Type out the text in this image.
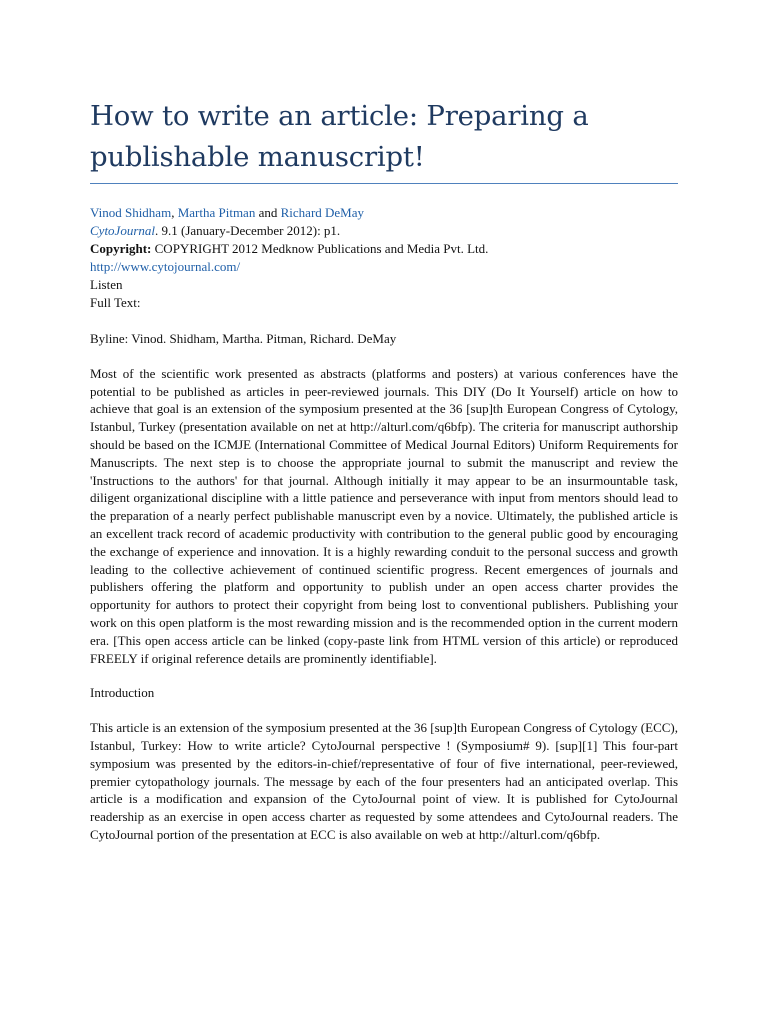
How to write an article: Preparing a publishable manuscript!
Vinod Shidham, Martha Pitman and Richard DeMay
CytoJournal. 9.1 (January-December 2012): p1.
Copyright: COPYRIGHT 2012 Medknow Publications and Media Pvt. Ltd.
http://www.cytojournal.com/
Listen
Full Text:

Byline: Vinod. Shidham, Martha. Pitman, Richard. DeMay

Most of the scientific work presented as abstracts (platforms and posters) at various conferences have the potential to be published as articles in peer-reviewed journals. This DIY (Do It Yourself) article on how to achieve that goal is an extension of the symposium presented at the 36 [sup]th European Congress of Cytology, Istanbul, Turkey (presentation available on net at http://alturl.com/q6bfp). The criteria for manuscript authorship should be based on the ICMJE (International Committee of Medical Journal Editors) Uniform Requirements for Manuscripts. The next step is to choose the appropriate journal to submit the manuscript and review the 'Instructions to the authors' for that journal. Although initially it may appear to be an insurmountable task, diligent organizational discipline with a little patience and perseverance with input from mentors should lead to the preparation of a nearly perfect publishable manuscript even by a novice. Ultimately, the published article is an excellent track record of academic productivity with contribution to the general public good by encouraging the exchange of experience and innovation. It is a highly rewarding conduit to the personal success and growth leading to the collective achievement of continued scientific progress. Recent emergences of journals and publishers offering the platform and opportunity to publish under an open access charter provides the opportunity for authors to protect their copyright from being lost to conventional publishers. Publishing your work on this open platform is the most rewarding mission and is the recommended option in the current modern era. [This open access article can be linked (copy-paste link from HTML version of this article) or reproduced FREELY if original reference details are prominently identifiable].

Introduction

This article is an extension of the symposium presented at the 36 [sup]th European Congress of Cytology (ECC), Istanbul, Turkey: How to write article? CytoJournal perspective ! (Symposium# 9). [sup][1] This four-part symposium was presented by the editors-in-chief/representative of four of five international, peer-reviewed, premier cytopathology journals. The message by each of the four presenters had an anticipated overlap. This article is a modification and expansion of the CytoJournal point of view. It is published for CytoJournal readership as an exercise in open access charter as requested by some attendees and CytoJournal readers. The CytoJournal portion of the presentation at ECC is also available on web at http://alturl.com/q6bfp.
